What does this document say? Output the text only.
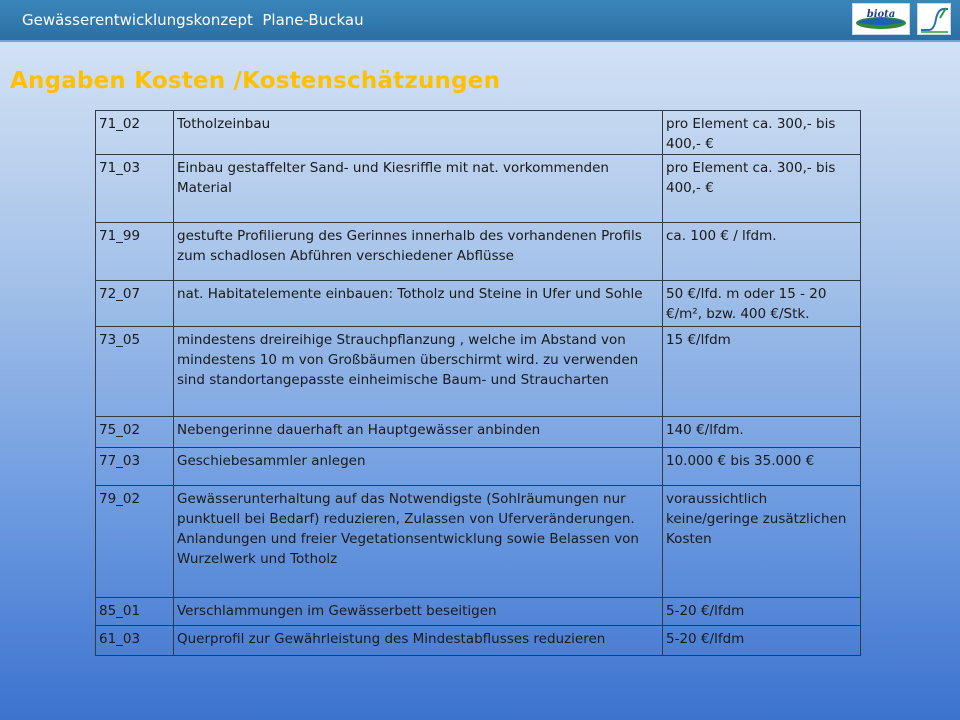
Gewässerentwicklungskonzept  Plane-Buckau	biota
Angaben Kosten /Kostenschätzungen
71_02	Totholzeinbau	pro Element ca. 300,- bis 400,- €
71_03	Einbau gestaffelter Sand- und Kiesriffle mit nat. vorkommenden Material	pro Element ca. 300,- bis 400,- €
71_99	gestufte Profilierung des Gerinnes innerhalb des vorhandenen Profils zum schadlosen Abführen verschiedener Abflüsse	ca. 100 € / lfdm.
72_07	nat. Habitatelemente einbauen: Totholz und Steine in Ufer und Sohle	50 €/lfd. m oder 15 - 20 €/m², bzw. 400 €/Stk.
73_05	mindestens dreireihige Strauchpflanzung , welche im Abstand von mindestens 10 m von Großbäumen überschirmt wird. zu verwenden sind standortangepasste einheimische Baum- und Straucharten	15 €/lfdm
75_02	Nebengerinne dauerhaft an Hauptgewässer anbinden	140 €/lfdm.
77_03	Geschiebesammler anlegen	10.000 € bis 35.000 €
79_02	Gewässerunterhaltung auf das Notwendigste (Sohlräumungen nur punktuell bei Bedarf) reduzieren, Zulassen von Uferveränderungen. Anlandungen und freier Vegetationsentwicklung sowie Belassen von Wurzelwerk und Totholz	voraussichtlich keine/geringe zusätzlichen Kosten
85_01	Verschlammungen im Gewässerbett beseitigen	5-20 €/lfdm
61_03	Querprofil zur Gewährleistung des Mindestabflusses reduzieren	5-20 €/lfdm
